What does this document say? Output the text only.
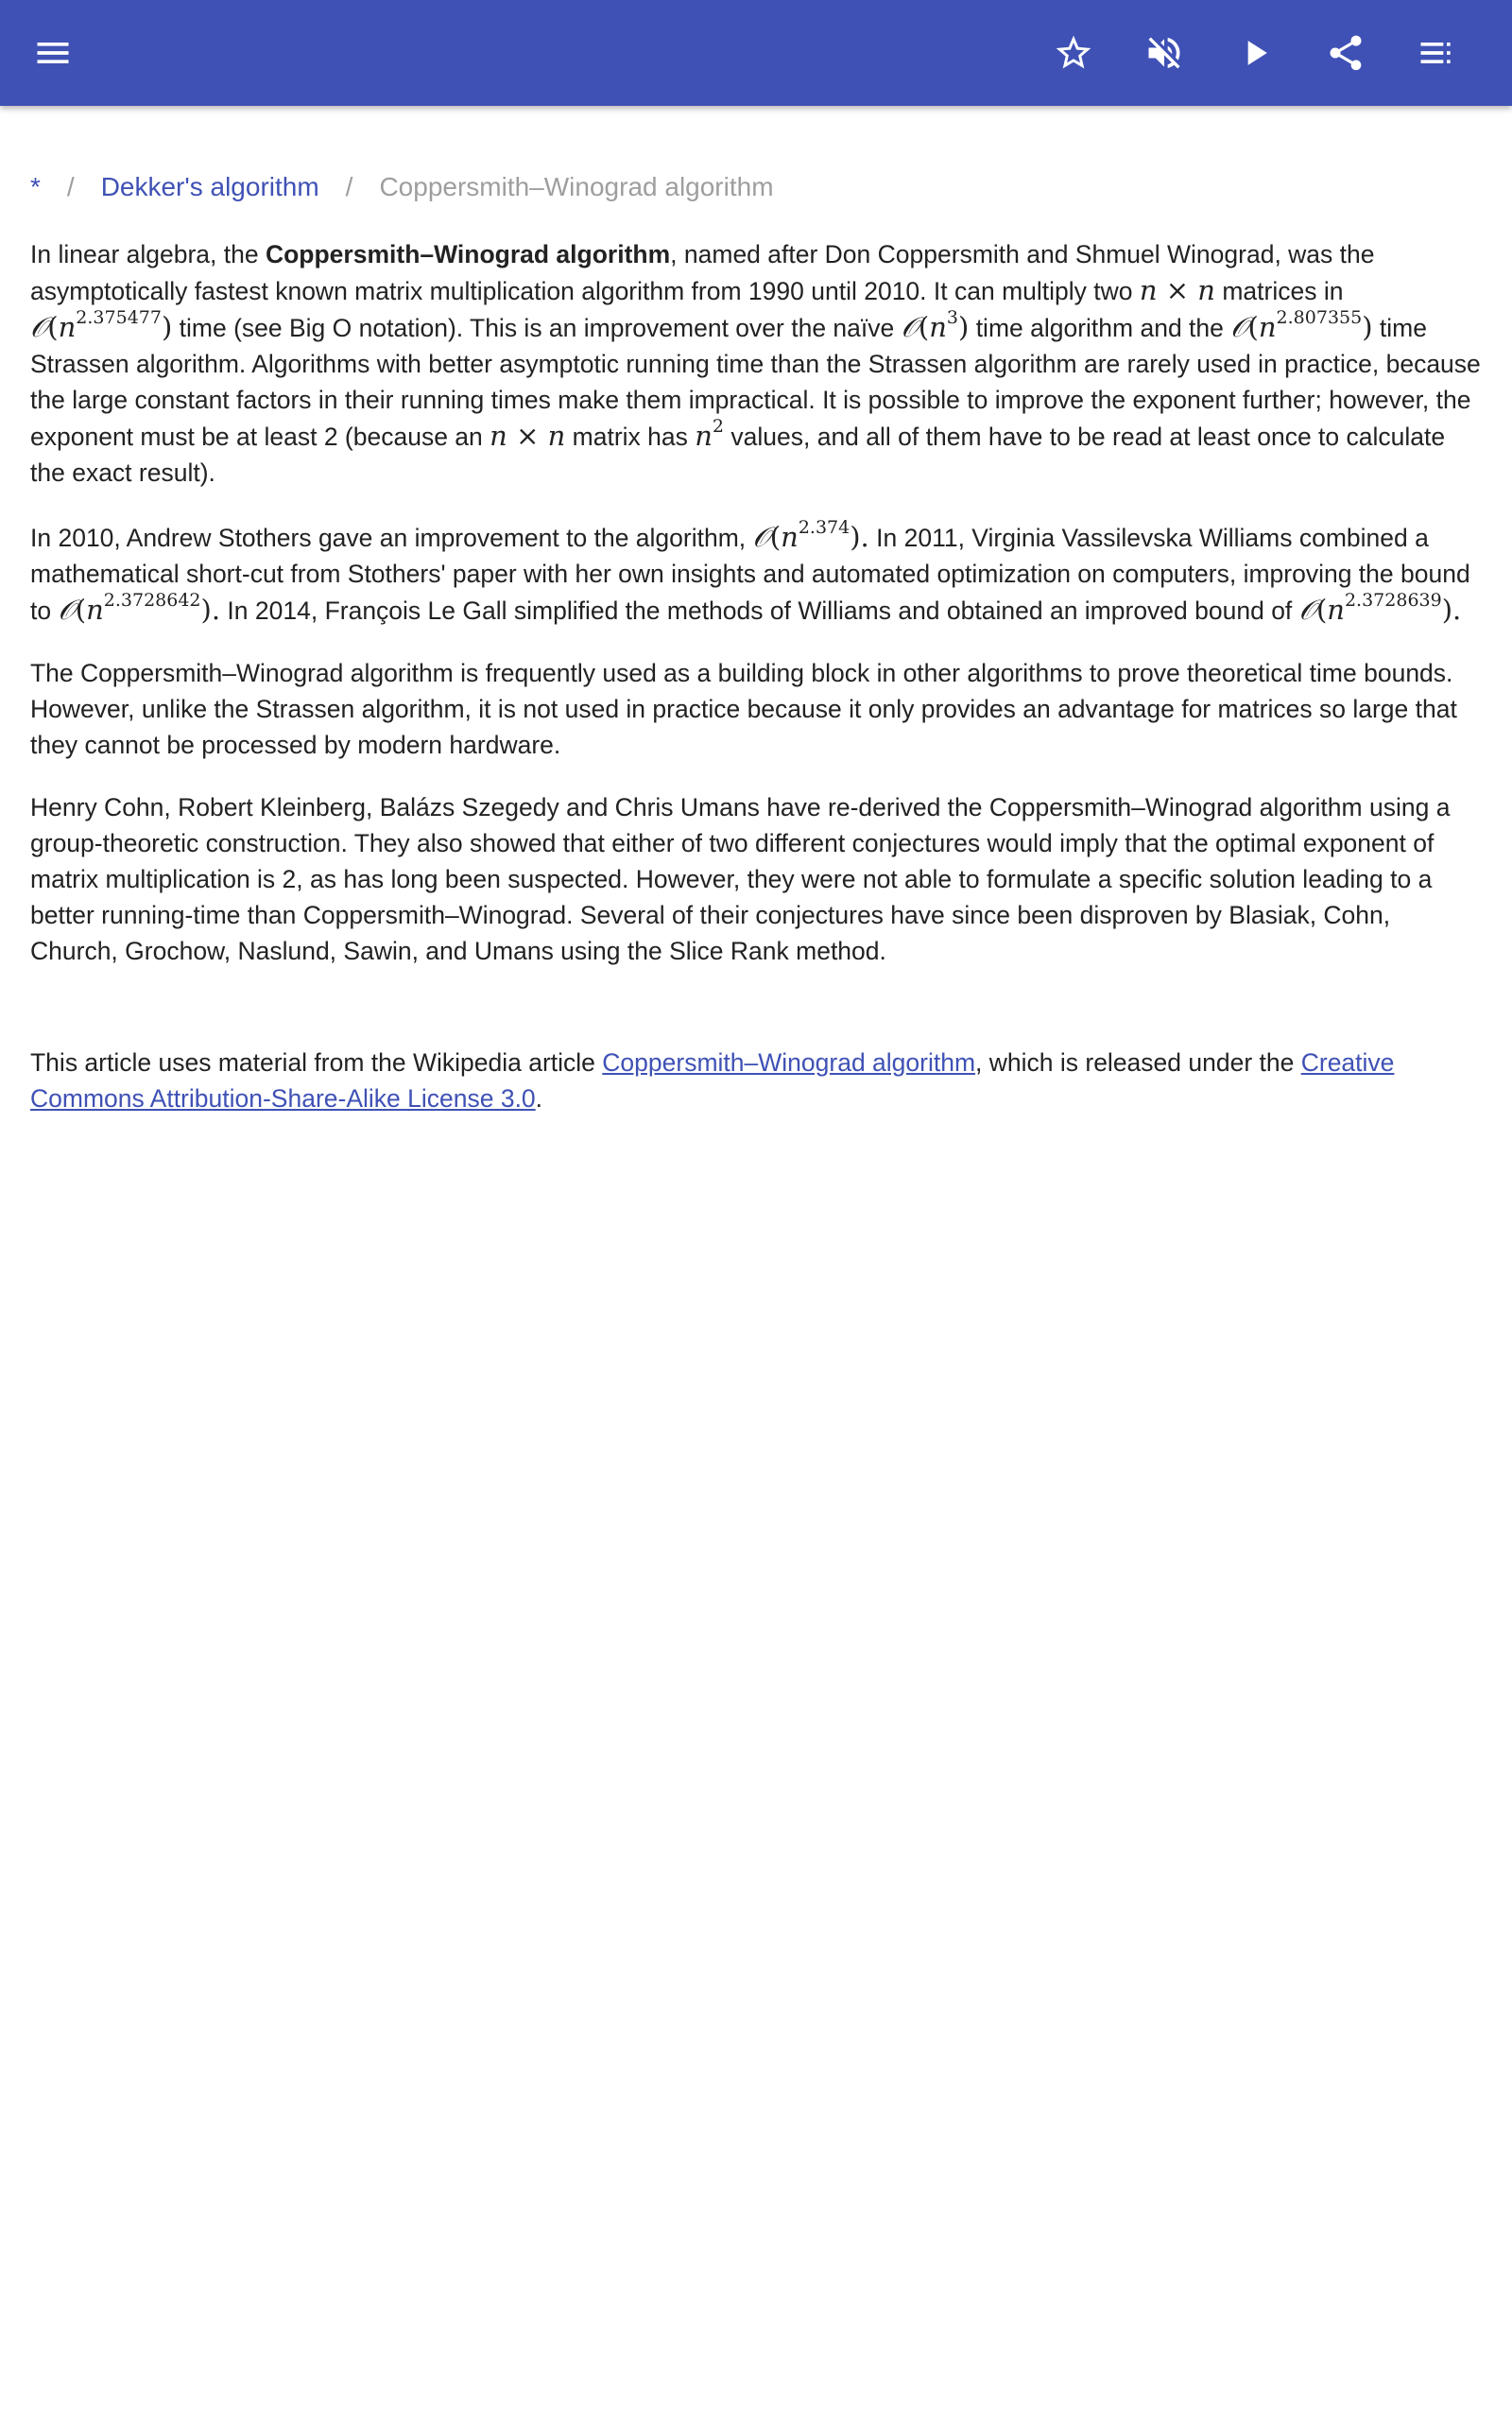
* / Dekker's algorithm / Coppersmith–Winograd algorithm

In linear algebra, the Coppersmith–Winograd algorithm, named after Don Coppersmith and Shmuel Winograd, was the asymptotically fastest known matrix multiplication algorithm from 1990 until 2010. It can multiply two n × n matrices in $𝒪(n^{2.375477})$ time (see Big O notation). This is an improvement over the naïve $𝒪(n^3)$ time algorithm and the $𝒪(n^{2.807355})$ time Strassen algorithm. Algorithms with better asymptotic running time than the Strassen algorithm are rarely used in practice, because the large constant factors in their running times make them impractical. It is possible to improve the exponent further; however, the exponent must be at least 2 (because an n × n matrix has $n^2$ values, and all of them have to be read at least once to calculate the exact result).

In 2010, Andrew Stothers gave an improvement to the algorithm, $𝒪(n^{2.374})$. In 2011, Virginia Vassilevska Williams combined a mathematical short-cut from Stothers' paper with her own insights and automated optimization on computers, improving the bound to $𝒪(n^{2.3728642})$. In 2014, François Le Gall simplified the methods of Williams and obtained an improved bound of $𝒪(n^{2.3728639})$.

The Coppersmith–Winograd algorithm is frequently used as a building block in other algorithms to prove theoretical time bounds. However, unlike the Strassen algorithm, it is not used in practice because it only provides an advantage for matrices so large that they cannot be processed by modern hardware.

Henry Cohn, Robert Kleinberg, Balázs Szegedy and Chris Umans have re-derived the Coppersmith–Winograd algorithm using a group-theoretic construction. They also showed that either of two different conjectures would imply that the optimal exponent of matrix multiplication is 2, as has long been suspected. However, they were not able to formulate a specific solution leading to a better running-time than Coppersmith–Winograd. Several of their conjectures have since been disproven by Blasiak, Cohn, Church, Grochow, Naslund, Sawin, and Umans using the Slice Rank method.

This article uses material from the Wikipedia article Coppersmith–Winograd algorithm, which is released under the Creative Commons Attribution-Share-Alike License 3.0.
